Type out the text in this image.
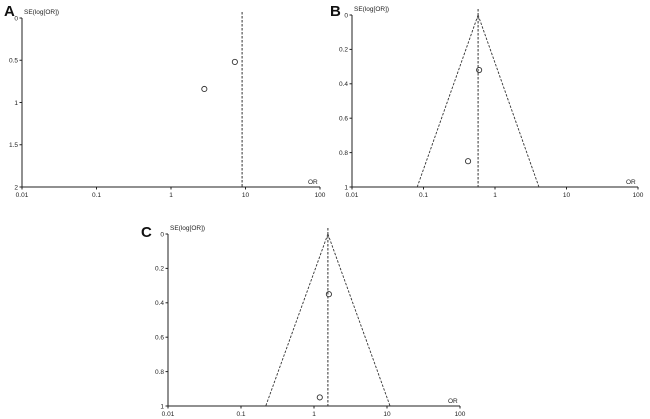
0.01	0.1	1	10	100
0
0.5
1
1.5
2
A SE(log[OR])
OR
0.01	0.1	1	10	100
0
0.2
0.4
0.6
0.8
1
B SE(log[OR])
OR
0.01	0.1	1	10	100
0
0.2
0.4
0.6
0.8
1
C	SE(log[OR])
OR
